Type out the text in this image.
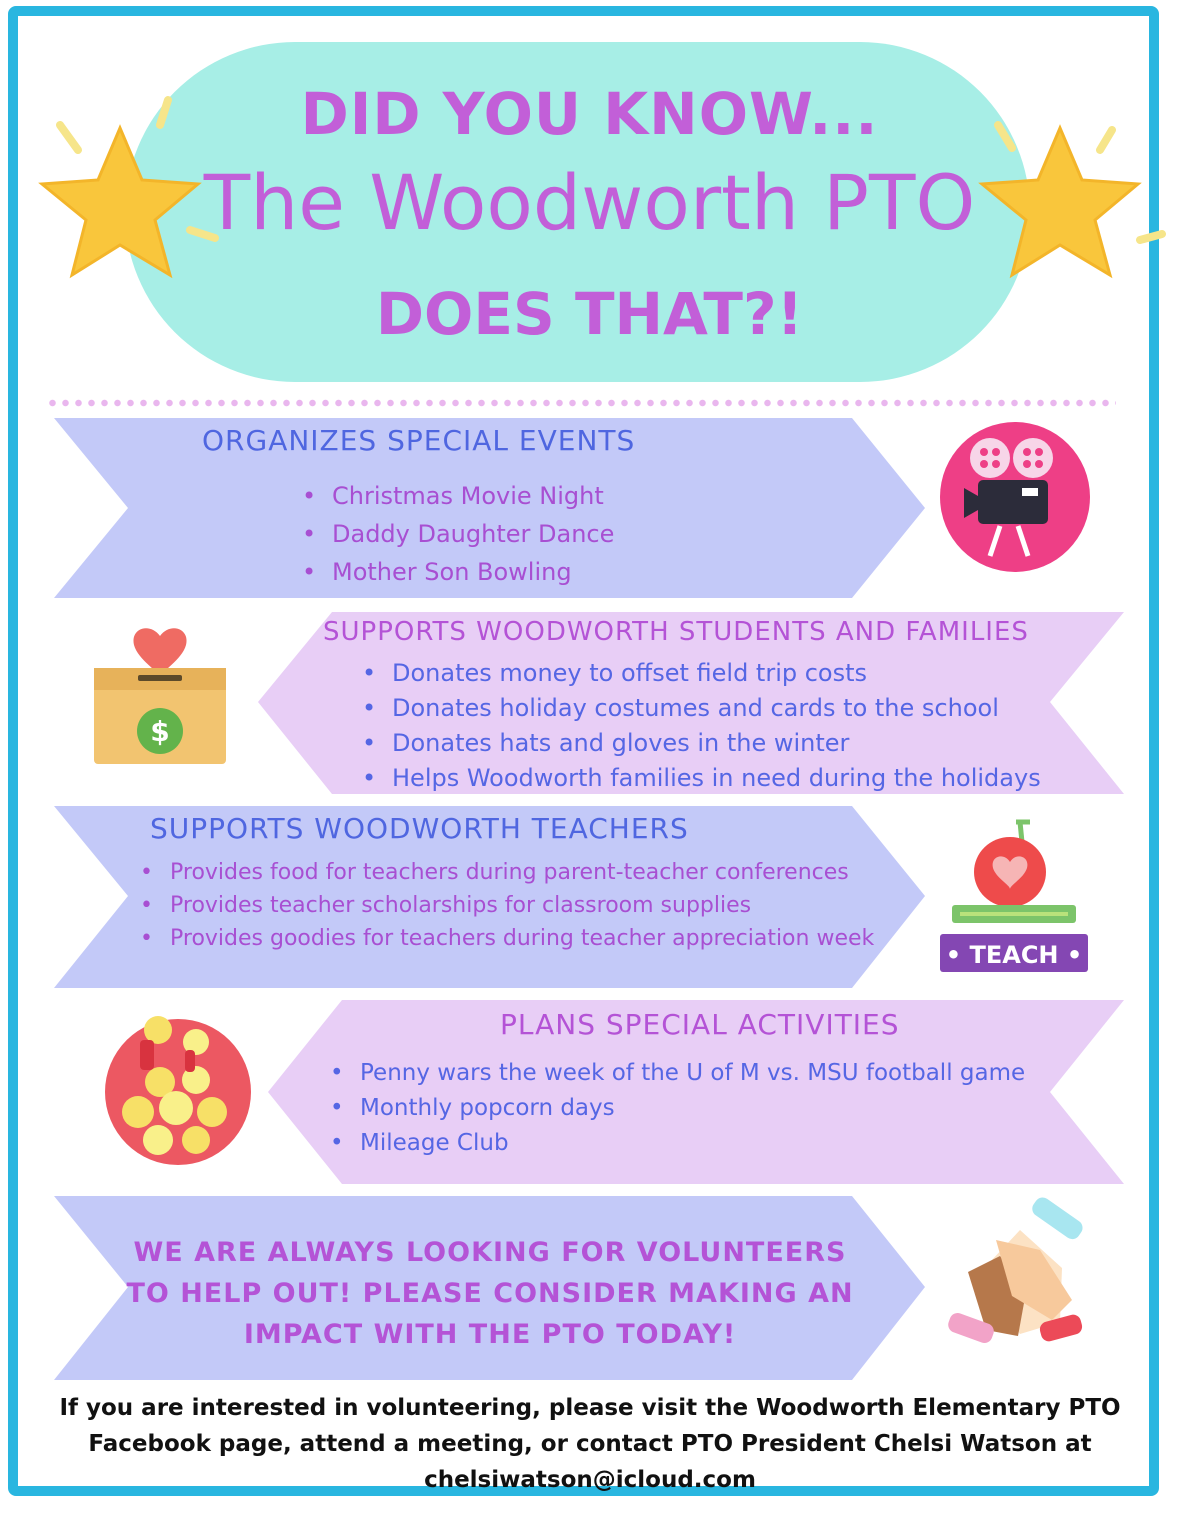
DID YOU KNOW...
The Woodworth PTO
DOES THAT?!
ORGANIZES SPECIAL EVENTS
• Christmas Movie Night
• Daddy Daughter Dance
• Mother Son Bowling
SUPPORTS WOODWORTH STUDENTS AND FAMILIES
• Donates money to offset field trip costs
• Donates holiday costumes and cards to the school
• Donates hats and gloves in the winter
• Helps Woodworth families in need during the holidays
SUPPORTS WOODWORTH TEACHERS
• Provides food for teachers during parent-teacher conferences
• Provides teacher scholarships for classroom supplies
• Provides goodies for teachers during teacher appreciation week
PLANS SPECIAL ACTIVITIES
• Penny wars the week of the U of M vs. MSU football game
• Monthly popcorn days
• Mileage Club
WE ARE ALWAYS LOOKING FOR VOLUNTEERS
TO HELP OUT! PLEASE CONSIDER MAKING AN
IMPACT WITH THE PTO TODAY!
$
• TEACH •
If you are interested in volunteering, please visit the Woodworth Elementary PTO
Facebook page, attend a meeting, or contact PTO President Chelsi Watson at
chelsiwatson@icloud.com
